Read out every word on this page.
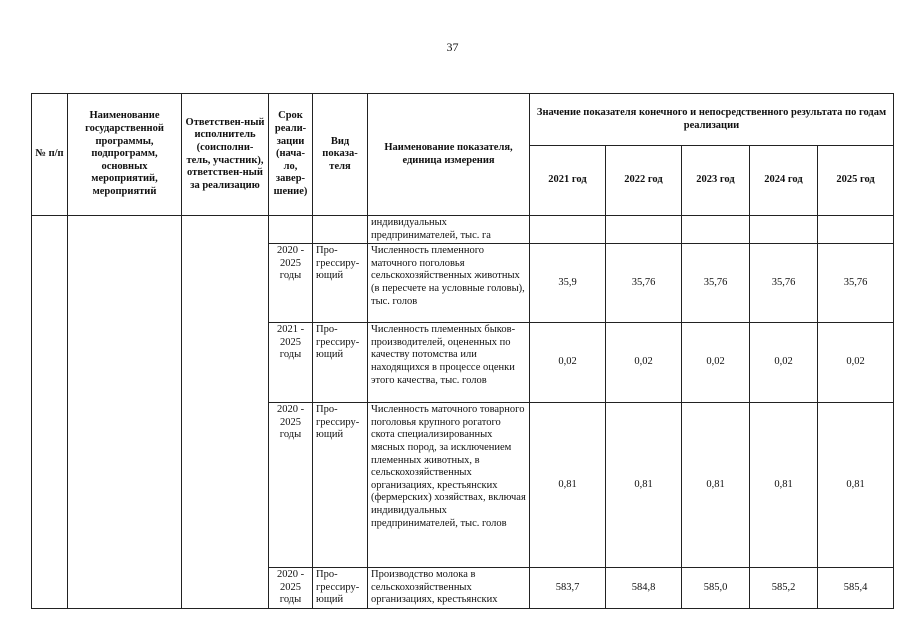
37
№ п/п	Наименование государственной программы, подпрограмм, основных мероприятий, мероприятий	Ответствен-ный исполнитель (соисполни-тель, участник), ответствен-ный за реализацию	Срок реали-зации (нача-ло, завер-шение)	Вид показа-теля	Наименование показателя, единица измерения	Значение показателя конечного и непосредственного результата по годам реализации				
						2021 год	2022 год	2023 год	2024 год	2025 год
					индивидуальных предпринимателей, тыс. га					
			2020 - 2025 годы	Про-грессиру-ющий	Численность племенного маточного поголовья сельскохозяйственных животных (в пересчете на условные головы), тыс. голов	35,9	35,76	35,76	35,76	35,76
			2021 - 2025 годы	Про-грессиру-ющий	Численность племенных быков-производителей, оцененных по качеству потомства или находящихся в процессе оценки этого качества, тыс. голов	0,02	0,02	0,02	0,02	0,02
			2020 - 2025 годы	Про-грессиру-ющий	Численность маточного товарного поголовья крупного рогатого скота специализированных мясных пород, за исключением племенных животных, в сельскохозяйственных организациях, крестьянских (фермерских) хозяйствах, включая индивидуальных предпринимателей, тыс. голов	0,81	0,81	0,81	0,81	0,81
			2020 - 2025 годы	Про-грессиру-ющий	Производство молока в сельскохозяйственных организациях, крестьянских	583,7	584,8	585,0	585,2	585,4
